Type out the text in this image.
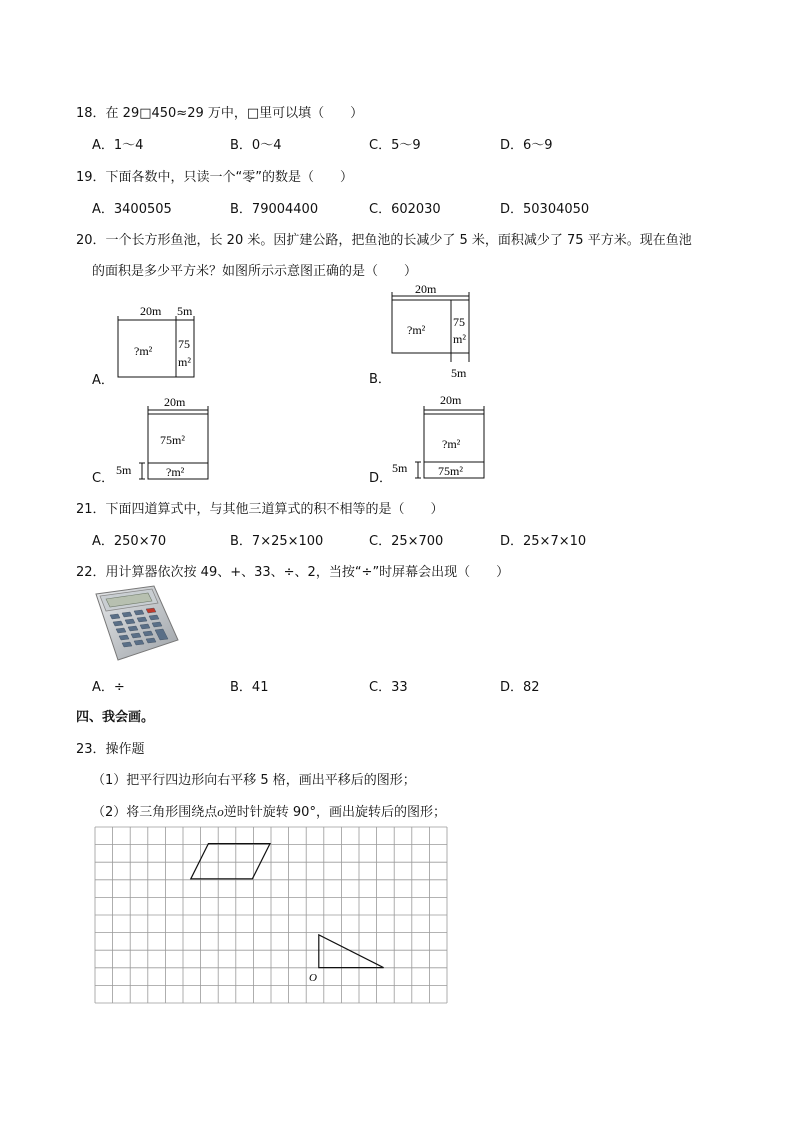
18．在 29□450≈29 万中，□里可以填（　　）
A．1～4	B．0～4	C．5～9	D．6～9
19．下面各数中，只读一个“零”的数是（　　）
A．3400505	B．79004400	C．602030	D．50304050
20．一个长方形鱼池，长 20 米。因扩建公路，把鱼池的长减少了 5 米，面积减少了 75 平方米。现在鱼池
的面积是多少平方米？如图所示示意图正确的是（　　）
A．
20m 5m
?m² 75
m²
B．
20m
?m²
75
m²
5m
C．
20m
75m²
?m²
5m
D．
20m
?m²
75m²
5m
21．下面四道算式中，与其他三道算式的积不相等的是（　　）
A．250×70	B．7×25×100	C．25×700	D．25×7×10
22．用计算器依次按 49、+、33、÷、2，当按“÷”时屏幕会出现（　　）
A．÷	B．41	C．33	D．82
四、我会画。
23．操作题
（1）把平行四边形向右平移 5 格，画出平移后的图形；
（2）将三角形围绕点o逆时针旋转 90°，画出旋转后的图形；
O
